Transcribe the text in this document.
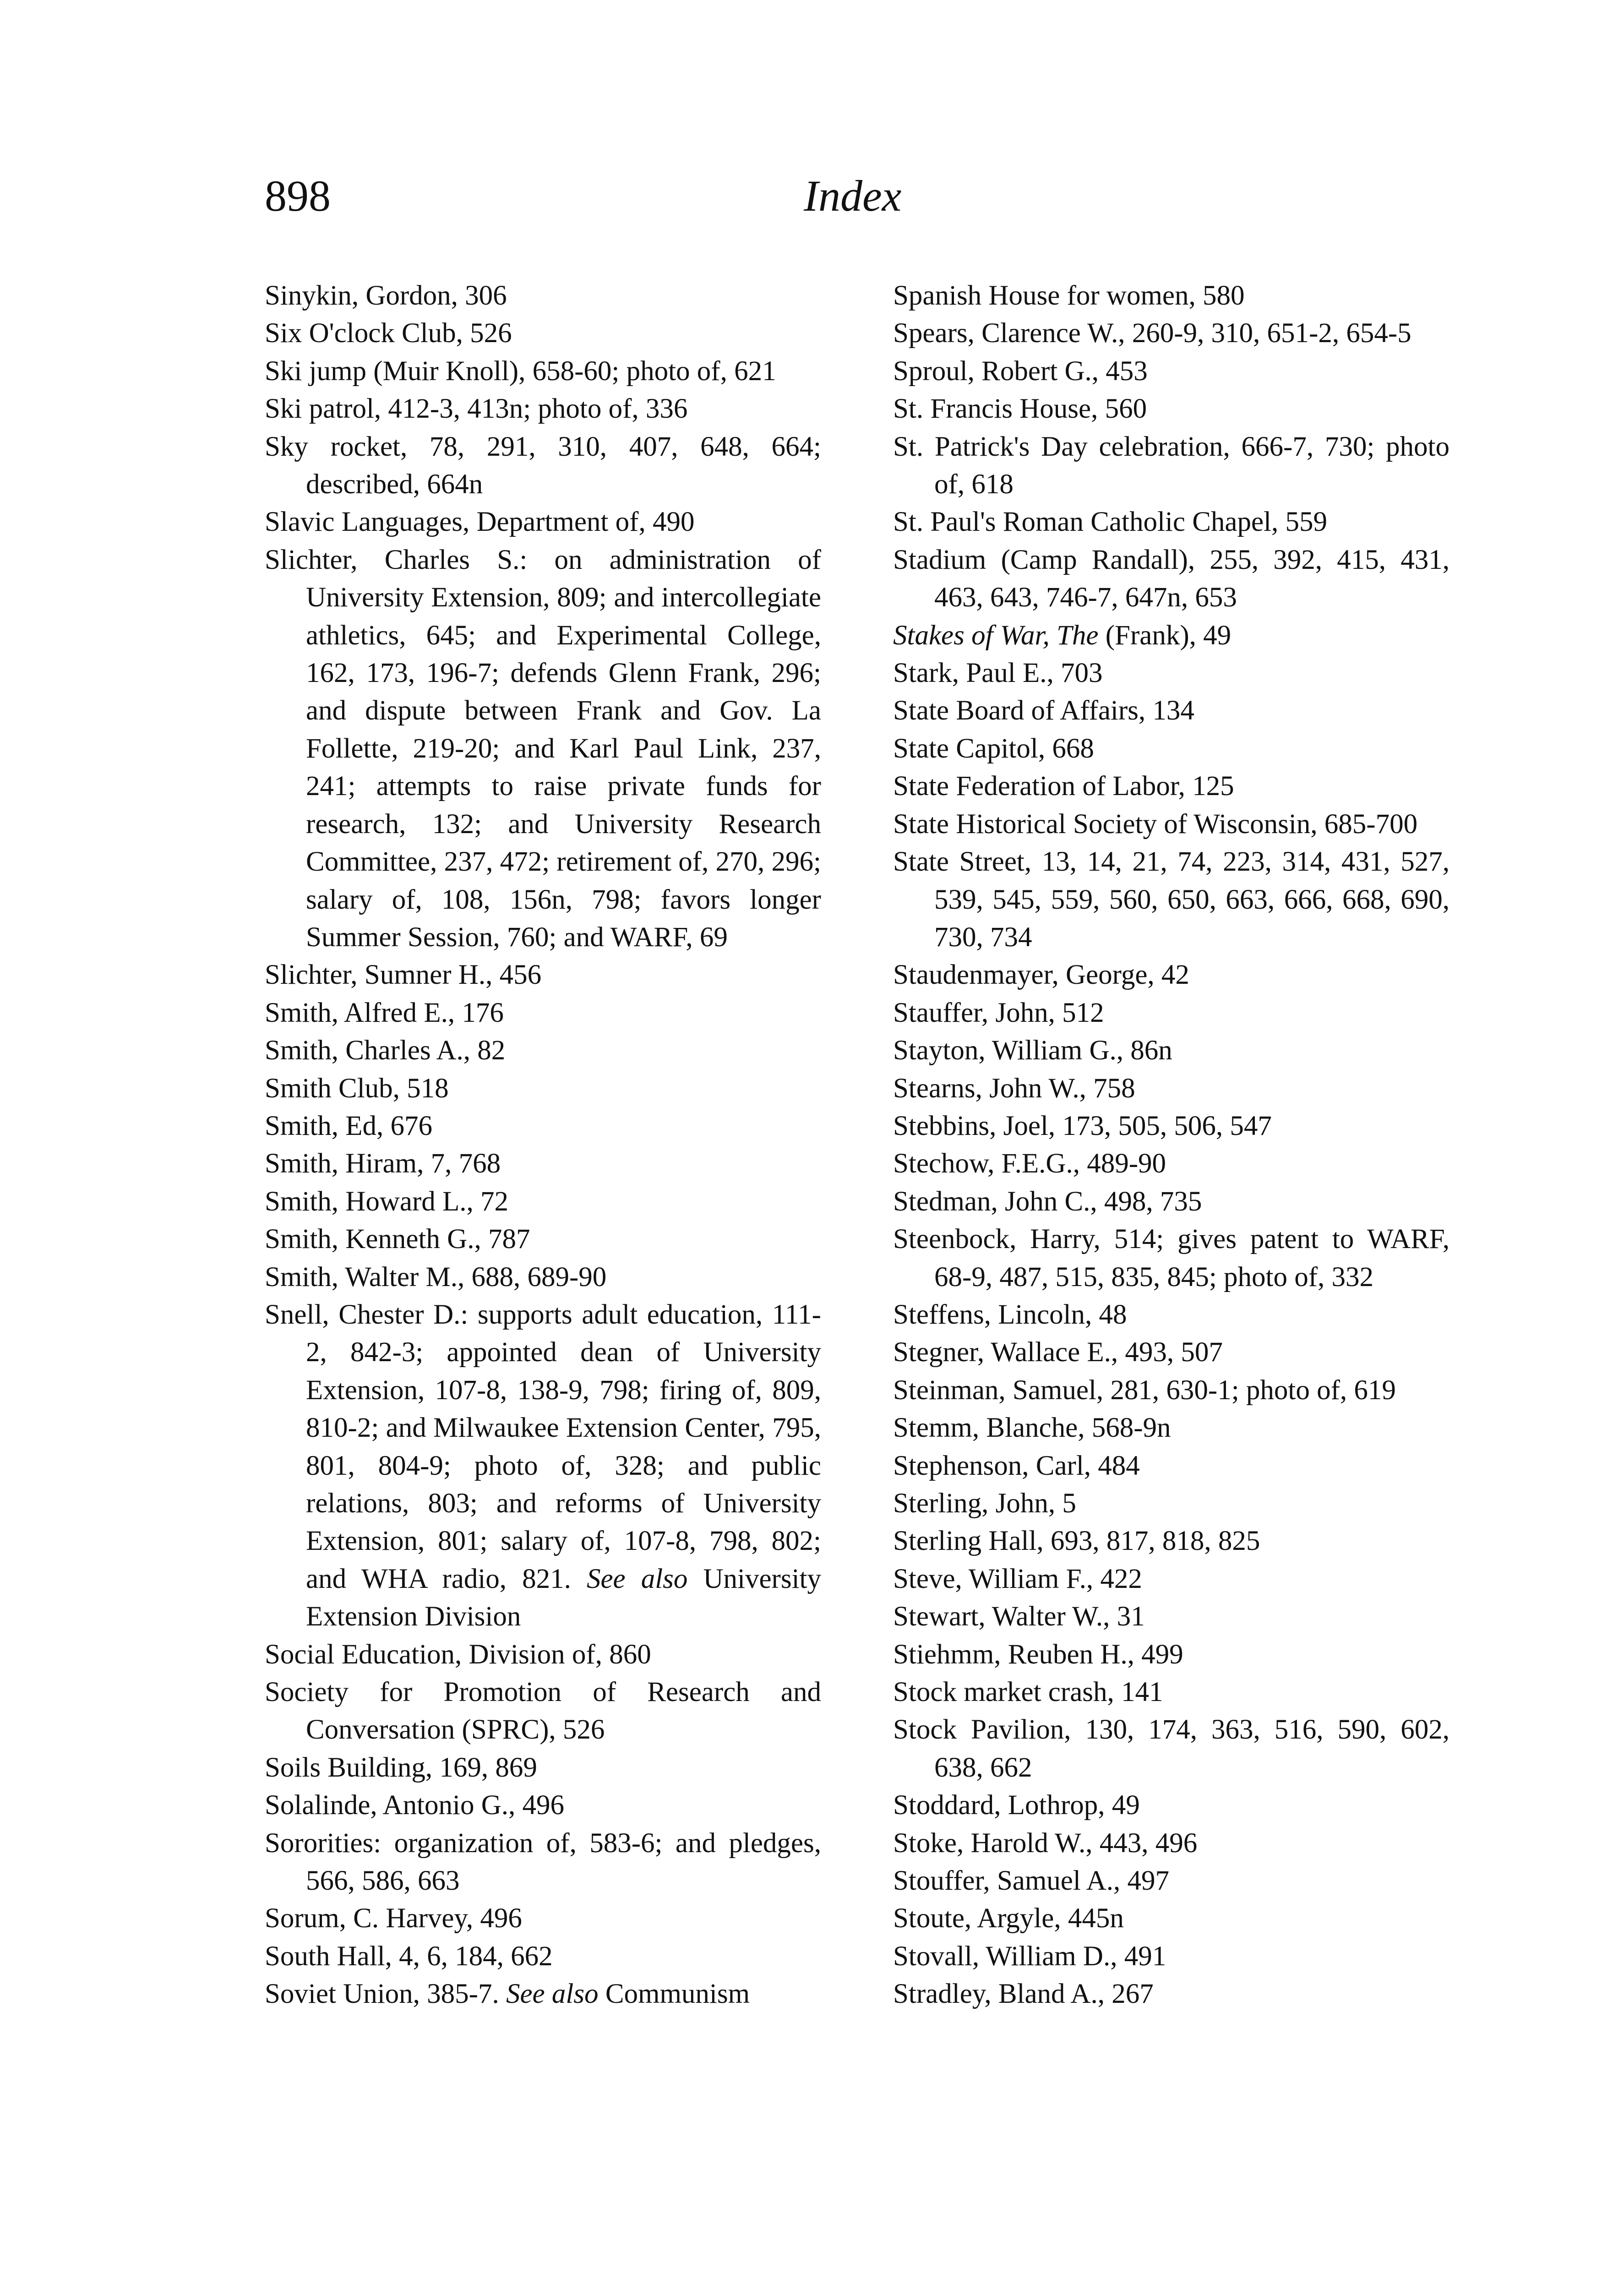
898	Index
Sinykin, Gordon, 306
Six O'clock Club, 526
Ski jump (Muir Knoll), 658-60; photo of, 621
Ski patrol, 412-3, 413n; photo of, 336
Sky rocket, 78, 291, 310, 407, 648, 664; described, 664n
Slavic Languages, Department of, 490
Slichter, Charles S.: on administration of University Extension, 809; and intercollegiate athletics, 645; and Experimental College, 162, 173, 196-7; defends Glenn Frank, 296; and dispute between Frank and Gov. La Follette, 219-20; and Karl Paul Link, 237, 241; attempts to raise private funds for research, 132; and University Research Committee, 237, 472; retirement of, 270, 296; salary of, 108, 156n, 798; favors longer Summer Session, 760; and WARF, 69
Slichter, Sumner H., 456
Smith, Alfred E., 176
Smith, Charles A., 82
Smith Club, 518
Smith, Ed, 676
Smith, Hiram, 7, 768
Smith, Howard L., 72
Smith, Kenneth G., 787
Smith, Walter M., 688, 689-90
Snell, Chester D.: supports adult education, 111-2, 842-3; appointed dean of University Extension, 107-8, 138-9, 798; firing of, 809, 810-2; and Milwaukee Extension Center, 795, 801, 804-9; photo of, 328; and public relations, 803; and reforms of University Extension, 801; salary of, 107-8, 798, 802; and WHA radio, 821. See also University Extension Division
Social Education, Division of, 860
Society for Promotion of Research and Conversation (SPRC), 526
Soils Building, 169, 869
Solalinde, Antonio G., 496
Sororities: organization of, 583-6; and pledges, 566, 586, 663
Sorum, C. Harvey, 496
South Hall, 4, 6, 184, 662
Soviet Union, 385-7. See also Communism
Spanish House for women, 580
Spears, Clarence W., 260-9, 310, 651-2, 654-5
Sproul, Robert G., 453
St. Francis House, 560
St. Patrick's Day celebration, 666-7, 730; photo of, 618
St. Paul's Roman Catholic Chapel, 559
Stadium (Camp Randall), 255, 392, 415, 431, 463, 643, 746-7, 647n, 653
Stakes of War, The (Frank), 49
Stark, Paul E., 703
State Board of Affairs, 134
State Capitol, 668
State Federation of Labor, 125
State Historical Society of Wisconsin, 685-700
State Street, 13, 14, 21, 74, 223, 314, 431, 527, 539, 545, 559, 560, 650, 663, 666, 668, 690, 730, 734
Staudenmayer, George, 42
Stauffer, John, 512
Stayton, William G., 86n
Stearns, John W., 758
Stebbins, Joel, 173, 505, 506, 547
Stechow, F.E.G., 489-90
Stedman, John C., 498, 735
Steenbock, Harry, 514; gives patent to WARF, 68-9, 487, 515, 835, 845; photo of, 332
Steffens, Lincoln, 48
Stegner, Wallace E., 493, 507
Steinman, Samuel, 281, 630-1; photo of, 619
Stemm, Blanche, 568-9n
Stephenson, Carl, 484
Sterling, John, 5
Sterling Hall, 693, 817, 818, 825
Steve, William F., 422
Stewart, Walter W., 31
Stiehmm, Reuben H., 499
Stock market crash, 141
Stock Pavilion, 130, 174, 363, 516, 590, 602, 638, 662
Stoddard, Lothrop, 49
Stoke, Harold W., 443, 496
Stouffer, Samuel A., 497
Stoute, Argyle, 445n
Stovall, William D., 491
Stradley, Bland A., 267
